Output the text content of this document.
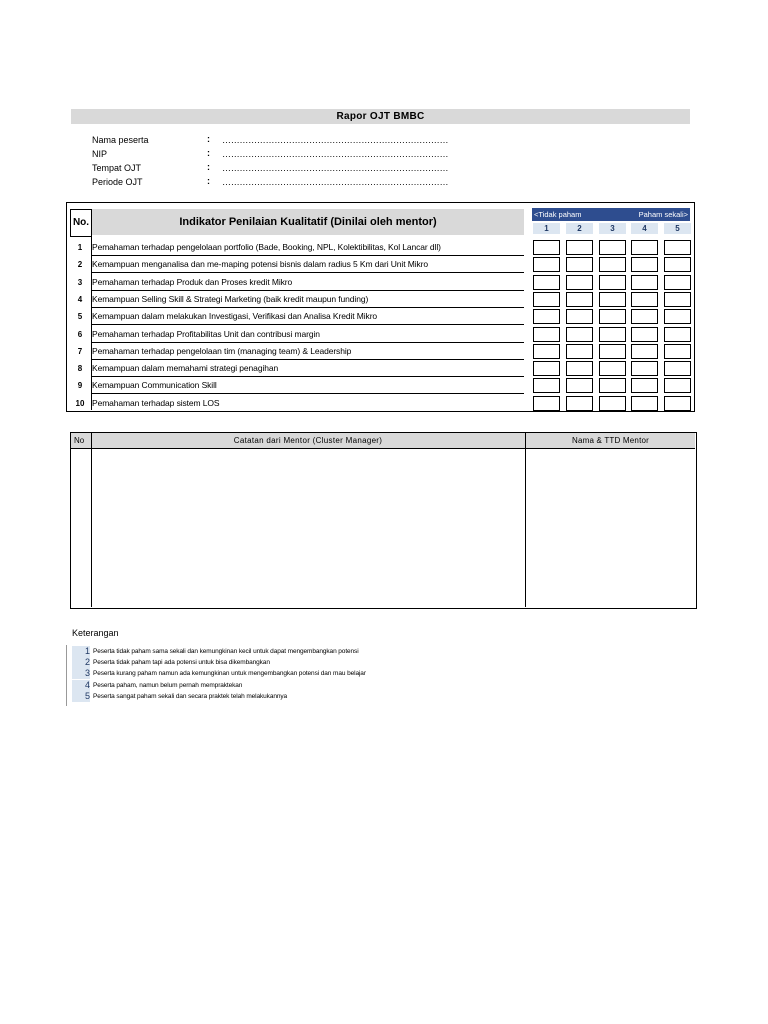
Rapor OJT BMBC
Nama peserta	: ……………………………………………………………………
NIP	: ……………………………………………………………………
Tempat OJT	: ……………………………………………………………………
Periode OJT	: ……………………………………………………………………
No.	Indikator Penilaian Kualitatif (Dinilai oleh mentor)
<Tidak paham	Paham sekali>
1	2	3	4	5
1	Pemahaman terhadap pengelolaan portfolio (Bade, Booking, NPL, Kolektibilitas, Kol Lancar dll)
2	Kemampuan menganalisa dan me-maping potensi bisnis dalam radius 5 Km dari Unit Mikro
3	Pemahaman terhadap Produk dan Proses kredit Mikro
4	Kemampuan Selling Skill & Strategi Marketing (baik kredit maupun funding)
5	Kemampuan dalam melakukan Investigasi, Verifikasi dan Analisa Kredit Mikro
6	Pemahaman terhadap Profitabilitas Unit dan contribusi margin
7	Pemahaman terhadap pengelolaan tim (managing team) & Leadership
8	Kemampuan dalam memahami strategi penagihan
9	Kemampuan Communication Skill
10 Pemahaman terhadap sistem LOS
No	Catatan dari Mentor (Cluster Manager)	Nama & TTD Mentor
Keterangan
1 Peserta tidak paham sama sekali dan kemungkinan kecil untuk dapat mengembangkan potensi
2 Peserta tidak paham tapi ada potensi untuk bisa dikembangkan
3 Peserta kurang paham namun ada kemungkinan untuk mengembangkan potensi dan mau belajar
4 Peserta paham, namun belum pernah mempraktekan
5 Peserta sangat paham sekali dan secara praktek telah melakukannya
